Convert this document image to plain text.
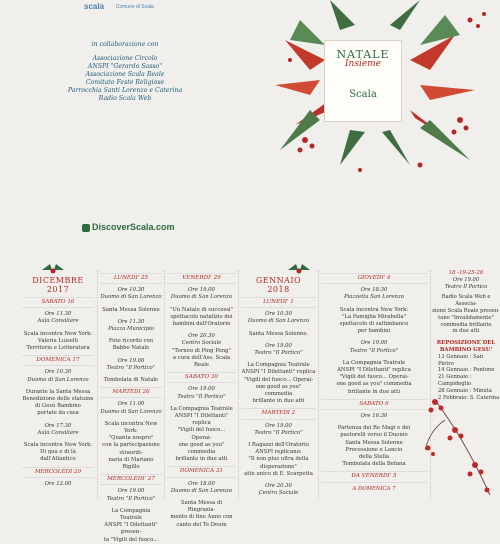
scala Comune di Scala
in collaborazione con
Associazione Circolo
ANSPI "Gerardo Sasso"
Associazione Scala Reale
Comitato Feste Religiose
Parrocchia Santi Lorenzo e Caterina
Radio Scala Web
DiscoverScala.com
NATALE
Insieme
Scala
DICEMBRE
2017
SABATO 16
Ore 11.30
Aula Consiliare
Scala incontra New York:
Valeria Luiselli
Territorio e Letteratura
DOMENICA 17
Ore 10.30
Duomo di San Lorenzo
Durante la Santa Messa
Benedizione delle statuine
di Gesù Bambino
portate da casa
Ore 17.30
Aula Consiliare
Scala incontra New York:
Di qua e di là dall'Atlantico
MERCOLEDI 20
Ore 12.00
LUNEDI' 25
Ore 10.30
Duomo di San Lorenzo
Santa Messa Solenne
Ore 11.30
Piazza Municipio
Foto ricordo con
Babbo Natale
Ore 19.00
Teatro "Il Portico"
Tombolata di Natale
MARTEDI 26
Ore 11.00
Duomo di San Lorenzo
Scala incontra New York:
"Quanta nospro"
con la partecipazione straordi-
naria di Mariano Rigillo
MERCOLEDI' 27
Ore 19.00
Teatro "Il Portico"
La Compagnia Teatrale
ANSPI "I Dilettanti" presen-
ta "Vigili del fuoco...
VENERDI' 29
Ore 19.00
Duomo di San Lorenzo
"Un Natale di successi"
spettacolo natalizio dei
bambini dell'Oratorio
Ore 20.30
Centro Sociale
"Torneo di Ping Pong"
a cura dell'Ass. Scala Reale
SABATO 30
Ore 19.00
Teatro "Il Portico"
La Compagnia Teatrale
ANSPI "I Dilettanti" replica
"Vigili del fuoco... Operai-
one good as you" commedia
brillante in due atti
DOMENICA 31
Ore 18.00
Duomo di San Lorenzo
Santa Messa di Ringrazia-
mento di fine Anno con
canto del Te Deum
GENNAIO
2018
LUNEDI' 1
Ore 10.30
Duomo di San Lorenzo
Santa Messa Solenne.
Ore 19.00
Teatro "Il Portico"
La Compagnia Teatrale
ANSPI "I Dilettanti" replica
"Vigili del fuoco... Operai-
one good as you" commedia
brillante in due atti
MARTEDI 2
Ore 19.00
Teatro "Il Portico"
I Ragazzi dell'Oratorio
ANSPI replicano:
"Il non plus ultra della
disperazione"
atto unico di E. Scarpetta
Ore 20.30
Centro Sociale
GIOVEDI' 4
Ore 18.30
Piazzetta San Lorenzo
Scala incontra New York:
"La Famiglia Mirabella"
spettacolo di saltimbanco
per bambini
Ore 19.00
Teatro "Il Portico"
La Compagnia Teatrale
ANSPI "I Dilettanti" replica
"Vigili del fuoco... Operai-
one good as you" commedia
brillante in due atti
SABATO 6
Ore 16.30
Partenza dei Re Magi e dei
pastorelli verso il Duomo
Santa Messa Solenne
Processione e Lancio
della Stella
Tombolata della Befana
DA VENERDI' 5
A DOMENICA 7
18 -19-25-26
Ore 19.00
Teatro Il Portico
Radio Scala Web e Associa-
zione Scala Reale presen-
tano "Invalidamente"
commedia brillante
in due atti
REPOSIZIONE DEL BAMBINO GESU'
13 Gennaio : San Pietro
14 Gennaio : Pontone
21 Gennaio : Campidoglio
28 Gennaio : Minuta
2 Febbraio: S. Caterina
